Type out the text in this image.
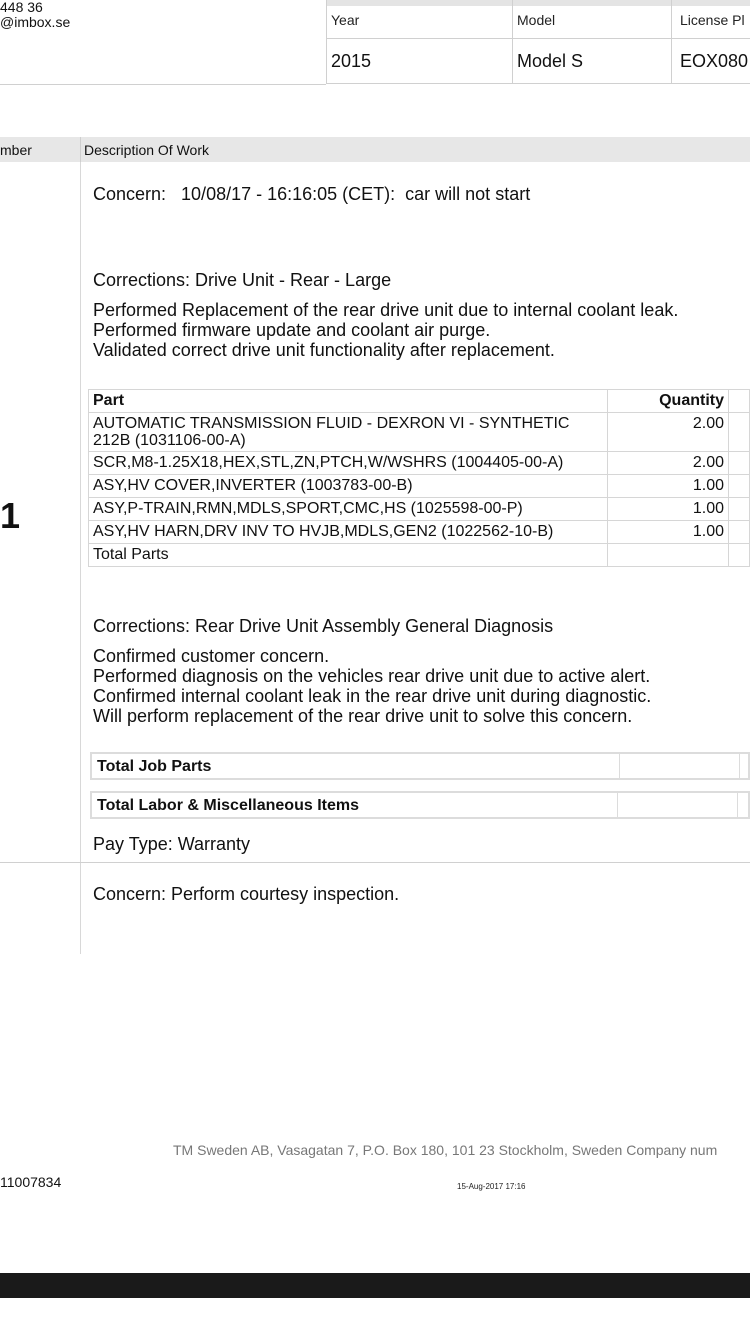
448 36
@imbox.se	Year	Model	License Pl
2015	Model S	EOX080
mber	Description Of Work
1
Concern:   10/08/17 - 16:16:05 (CET):  car will not start
Corrections: Drive Unit - Rear - Large
Performed Replacement of the rear drive unit due to internal coolant leak.
Performed firmware update and coolant air purge.
Validated correct drive unit functionality after replacement.
Part	Quantity	
AUTOMATIC TRANSMISSION FLUID - DEXRON VI - SYNTHETIC 212B (1031106-00-A)	2.00	
SCR,M8-1.25X18,HEX,STL,ZN,PTCH,W/WSHRS (1004405-00-A)	2.00	
ASY,HV COVER,INVERTER (1003783-00-B)	1.00	
ASY,P-TRAIN,RMN,MDLS,SPORT,CMC,HS (1025598-00-P)	1.00	
ASY,HV HARN,DRV INV TO HVJB,MDLS,GEN2 (1022562-10-B)	1.00	
Total Parts		
Corrections: Rear Drive Unit Assembly General Diagnosis
Confirmed customer concern.
Performed diagnosis on the vehicles rear drive unit due to active alert.
Confirmed internal coolant leak in the rear drive unit during diagnostic.
Will perform replacement of the rear drive unit to solve this concern.
Total Job Parts
Total Labor & Miscellaneous Items
Pay Type: Warranty
Concern: Perform courtesy inspection.
TM Sweden AB, Vasagatan 7, P.O. Box 180, 101 23 Stockholm, Sweden Company num
11007834	15-Aug-2017 17:16
